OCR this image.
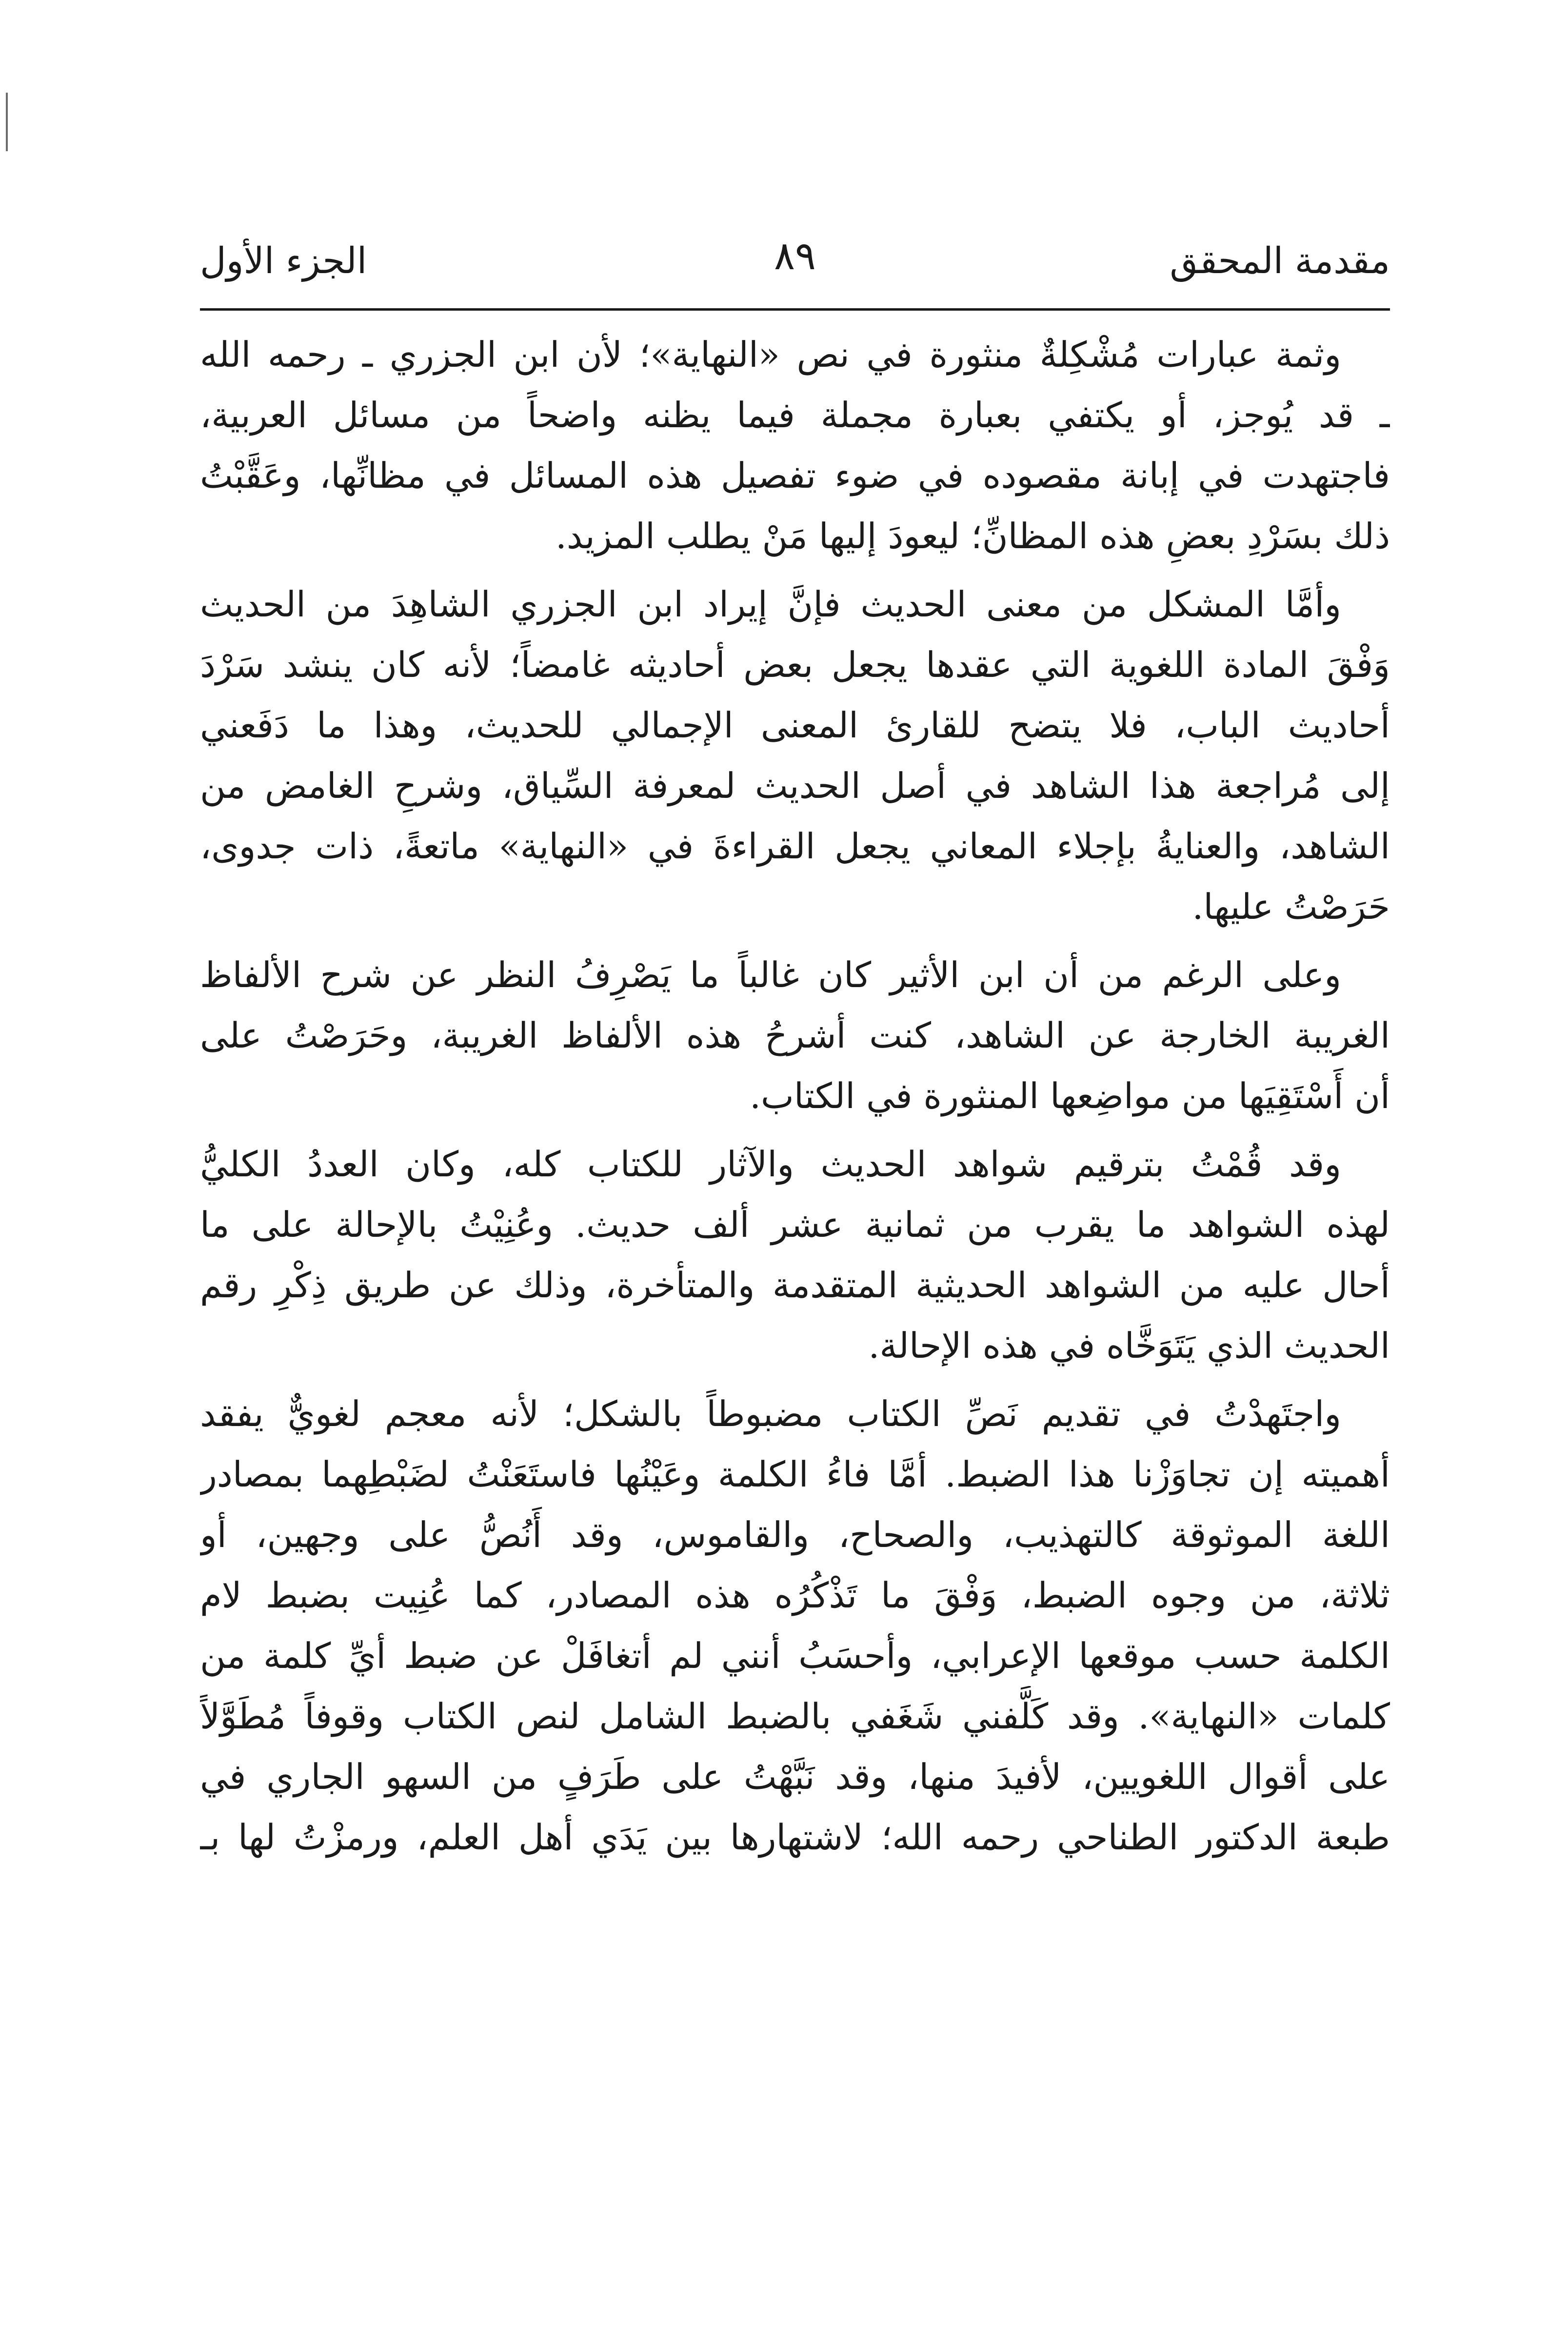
مقدمة المحقق
٨٩
الجزء الأول
وثمة عبارات مُشْكِلةٌ منثورة في نص «النهاية»؛ لأن ابن الجزري ـ رحمه الله
ـ قد يُوجز، أو يكتفي بعبارة مجملة فيما يظنه واضحاً من مسائل العربية،
فاجتهدت في إبانة مقصوده في ضوء تفصيل هذه المسائل في مظانِّها، وعَقَّبْتُ
ذلك بسَرْدِ بعضِ هذه المظانِّ؛ ليعودَ إليها مَنْ يطلب المزيد.
وأمَّا المشكل من معنى الحديث فإنَّ إيراد ابن الجزري الشاهِدَ من الحديث
وَفْقَ المادة اللغوية التي عقدها يجعل بعض أحاديثه غامضاً؛ لأنه كان ينشد سَرْدَ
أحاديث الباب، فلا يتضح للقارئ المعنى الإجمالي للحديث، وهذا ما دَفَعني
إلى مُراجعة هذا الشاهد في أصل الحديث لمعرفة السِّياق، وشرحِ الغامض من
الشاهد، والعنايةُ بإجلاء المعاني يجعل القراءةَ في «النهاية» ماتعةً، ذات جدوى،
حَرَصْتُ عليها.
وعلى الرغم من أن ابن الأثير كان غالباً ما يَصْرِفُ النظر عن شرح الألفاظ
الغريبة الخارجة عن الشاهد، كنت أشرحُ هذه الألفاظ الغريبة، وحَرَصْتُ على
أن أَسْتَقِيَها من مواضِعها المنثورة في الكتاب.
وقد قُمْتُ بترقيم شواهد الحديث والآثار للكتاب كله، وكان العددُ الكليُّ
لهذه الشواهد ما يقرب من ثمانية عشر ألف حديث. وعُنِيْتُ بالإحالة على ما
أحال عليه من الشواهد الحديثية المتقدمة والمتأخرة، وذلك عن طريق ذِكْرِ رقم
الحديث الذي يَتَوَخَّاه في هذه الإحالة.
واجتَهدْتُ في تقديم نَصِّ الكتاب مضبوطاً بالشكل؛ لأنه معجم لغويٌّ يفقد
أهميته إن تجاوَزْنا هذا الضبط. أمَّا فاءُ الكلمة وعَيْنُها فاستَعَنْتُ لضَبْطِهما بمصادر
اللغة الموثوقة كالتهذيب، والصحاح، والقاموس، وقد أَنُصُّ على وجهين، أو
ثلاثة، من وجوه الضبط، وَفْقَ ما تَذْكُرُه هذه المصادر، كما عُنِيت بضبط لام
الكلمة حسب موقعها الإعرابي، وأحسَبُ أنني لم أتغافَلْ عن ضبط أيِّ كلمة من
كلمات «النهاية». وقد كَلَّفني شَغَفي بالضبط الشامل لنص الكتاب وقوفاً مُطَوَّلاً
على أقوال اللغويين، لأفيدَ منها، وقد نَبَّهْتُ على طَرَفٍ من السهو الجاري في
طبعة الدكتور الطناحي رحمه الله؛ لاشتهارها بين يَدَي أهل العلم، ورمزْتُ لها بـ
